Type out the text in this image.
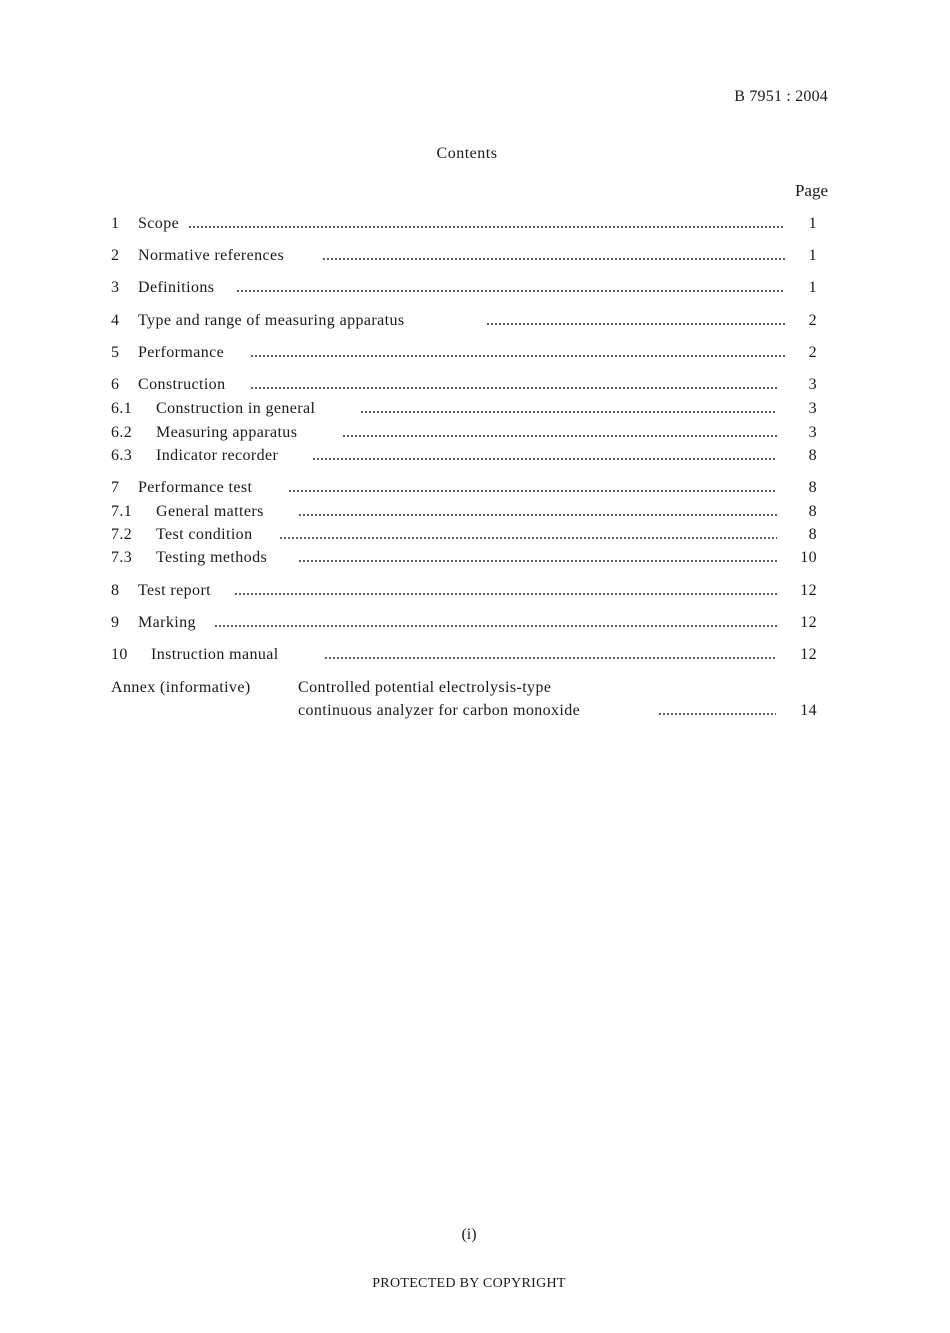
B 7951 : 2004
Contents
Page
1 Scope	1
2 Normative references	1
3 Definitions	1
4 Type and range of measuring apparatus	2
5 Performance	2
6 Construction	3
6.1 Construction in general	3
6.2 Measuring apparatus	3
6.3 Indicator recorder	8
7 Performance test	8
7.1 General matters	8
7.2 Test condition	8
7.3 Testing methods	10
8 Test report	12
9 Marking	12
10 Instruction manual	12
Annex (informative)	Controlled potential electrolysis-type
continuous analyzer for carbon monoxide	14
(i)
PROTECTED BY COPYRIGHT
